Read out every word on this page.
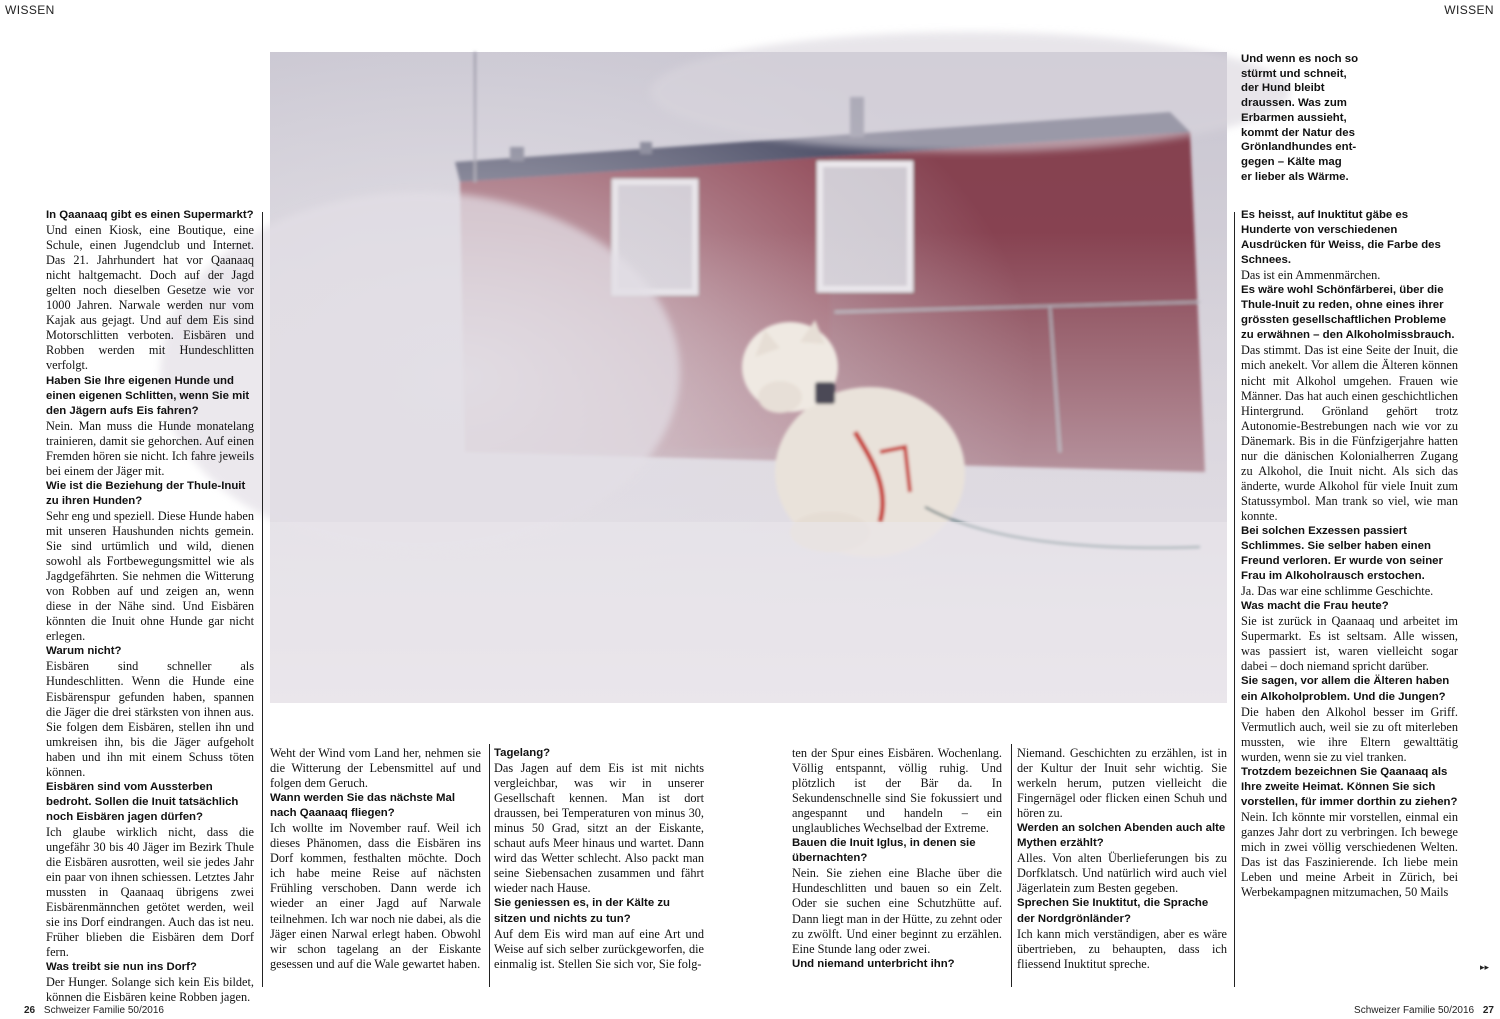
WISSEN	WISSEN
Und wenn es noch so
stürmt und schneit,
der Hund bleibt
draussen. Was zum
Erbarmen aussieht,
kommt der Natur des
Grönlandhundes ent-
gegen – Kälte mag
er lieber als Wärme.

In Qaanaaq gibt es einen Supermarkt?

Und einen Kiosk, eine Boutique, eine Schule, einen Jugendclub und Internet. Das 21. Jahrhundert hat vor Qaanaaq nicht haltgemacht. Doch auf der Jagd gelten noch dieselben Gesetze wie vor 1000 Jahren. Narwale werden nur vom Kajak aus gejagt. Und auf dem Eis sind Motorschlitten verboten. Eisbären und Robben werden mit Hundeschlitten verfolgt.

Haben Sie Ihre eigenen Hunde und einen eigenen Schlitten, wenn Sie mit den Jägern aufs Eis fahren?

Nein. Man muss die Hunde monatelang trainieren, damit sie gehorchen. Auf einen Fremden hören sie nicht. Ich fahre jeweils bei einem der Jäger mit.

Wie ist die Beziehung der Thule-Inuit zu ihren Hunden?

Sehr eng und speziell. Diese Hunde haben mit unseren Haushunden nichts gemein. Sie sind urtümlich und wild, dienen sowohl als Fortbewegungsmittel wie als Jagdgefährten. Sie nehmen die Witterung von Robben auf und zeigen an, wenn diese in der Nähe sind. Und Eisbären könnten die Inuit ohne Hunde gar nicht erlegen.

Warum nicht?

Eisbären sind schneller als Hundeschlitten. Wenn die Hunde eine Eisbärenspur gefunden haben, spannen die Jäger die drei stärksten von ihnen aus. Sie folgen dem Eisbären, stellen ihn und umkreisen ihn, bis die Jäger aufgeholt haben und ihn mit einem Schuss töten können.

Eisbären sind vom Aussterben bedroht. Sollen die Inuit tatsächlich noch Eisbären jagen dürfen?

Ich glaube wirklich nicht, dass die ungefähr 30 bis 40 Jäger im Bezirk Thule die Eisbären ausrotten, weil sie jedes Jahr ein paar von ihnen schiessen. Letztes Jahr mussten in Qaanaaq übrigens zwei Eisbärenmännchen getötet werden, weil sie ins Dorf eindrangen. Auch das ist neu. Früher blieben die Eisbären dem Dorf fern.

Was treibt sie nun ins Dorf?

Der Hunger. Solange sich kein Eis bildet, können die Eisbären keine Robben jagen.

Weht der Wind vom Land her, nehmen sie die Witterung der Lebensmittel auf und folgen dem Geruch.

Wann werden Sie das nächste Mal nach Qaanaaq fliegen?

Ich wollte im November rauf. Weil ich dieses Phänomen, dass die Eisbären ins Dorf kommen, festhalten möchte. Doch ich habe meine Reise auf nächsten Frühling verschoben. Dann werde ich wieder an einer Jagd auf Narwale teilnehmen. Ich war noch nie dabei, als die Jäger einen Narwal erlegt haben. Obwohl wir schon tagelang an der Eiskante gesessen und auf die Wale gewartet haben.

Tagelang?

Das Jagen auf dem Eis ist mit nichts vergleichbar, was wir in unserer Gesellschaft kennen. Man ist dort draussen, bei Temperaturen von minus 30, minus 50 Grad, sitzt an der Eiskante, schaut aufs Meer hinaus und wartet. Dann wird das Wetter schlecht. Also packt man seine Siebensachen zusammen und fährt wieder nach Hause.

Sie geniessen es, in der Kälte zu sitzen und nichts zu tun?

Auf dem Eis wird man auf eine Art und Weise auf sich selber zurückgeworfen, die einmalig ist. Stellen Sie sich vor, Sie folg-

ten der Spur eines Eisbären. Wochenlang. Völlig entspannt, völlig ruhig. Und plötzlich ist der Bär da. In Sekundenschnelle sind Sie fokussiert und angespannt und handeln – ein unglaubliches Wechselbad der Extreme.

Bauen die Inuit Iglus, in denen sie übernachten?

Nein. Sie ziehen eine Blache über die Hundeschlitten und bauen so ein Zelt. Oder sie suchen eine Schutzhütte auf. Dann liegt man in der Hütte, zu zehnt oder zu zwölft. Und einer beginnt zu erzählen. Eine Stunde lang oder zwei.

Und niemand unterbricht ihn?

Niemand. Geschichten zu erzählen, ist in der Kultur der Inuit sehr wichtig. Sie werkeln herum, putzen vielleicht die Fingernägel oder flicken einen Schuh und hören zu.

Werden an solchen Abenden auch alte Mythen erzählt?

Alles. Von alten Überlieferungen bis zu Dorfklatsch. Und natürlich wird auch viel Jägerlatein zum Besten gegeben.

Sprechen Sie Inuktitut, die Sprache der Nordgrönländer?

Ich kann mich verständigen, aber es wäre übertrieben, zu behaupten, dass ich fliessend Inuktitut spreche.

Es heisst, auf Inuktitut gäbe es Hunderte von verschiedenen Ausdrücken für Weiss, die Farbe des Schnees.

Das ist ein Ammenmärchen.

Es wäre wohl Schönfärberei, über die Thule-Inuit zu reden, ohne eines ihrer grössten gesellschaftlichen Probleme zu erwähnen – den Alkoholmissbrauch.

Das stimmt. Das ist eine Seite der Inuit, die mich anekelt. Vor allem die Älteren können nicht mit Alkohol umgehen. Frauen wie Männer. Das hat auch einen geschichtlichen Hintergrund. Grönland gehört trotz Autonomie-Bestrebungen nach wie vor zu Dänemark. Bis in die Fünfzigerjahre hatten nur die dänischen Kolonialherren Zugang zu Alkohol, die Inuit nicht. Als sich das änderte, wurde Alkohol für viele Inuit zum Statussymbol. Man trank so viel, wie man konnte.

Bei solchen Exzessen passiert Schlimmes. Sie selber haben einen Freund verloren. Er wurde von seiner Frau im Alkoholrausch erstochen.

Ja. Das war eine schlimme Geschichte.

Was macht die Frau heute?

Sie ist zurück in Qaanaaq und arbeitet im Supermarkt. Es ist seltsam. Alle wissen, was passiert ist, waren vielleicht sogar dabei – doch niemand spricht darüber.

Sie sagen, vor allem die Älteren haben ein Alkoholproblem. Und die Jungen?

Die haben den Alkohol besser im Griff. Vermutlich auch, weil sie zu oft miterleben mussten, wie ihre Eltern gewalttätig wurden, wenn sie zu viel tranken.

Trotzdem bezeichnen Sie Qaanaaq als Ihre zweite Heimat. Können Sie sich vorstellen, für immer dorthin zu ziehen?

Nein. Ich könnte mir vorstellen, einmal ein ganzes Jahr dort zu verbringen. Ich bewege mich in zwei völlig verschiedenen Welten. Das ist das Faszinierende. Ich liebe mein Leben und meine Arbeit in Zürich, bei Werbekampagnen mitzumachen, 50 Mails

▸▸
26 Schweizer Familie 50/2016	Schweizer Familie 50/2016 27
